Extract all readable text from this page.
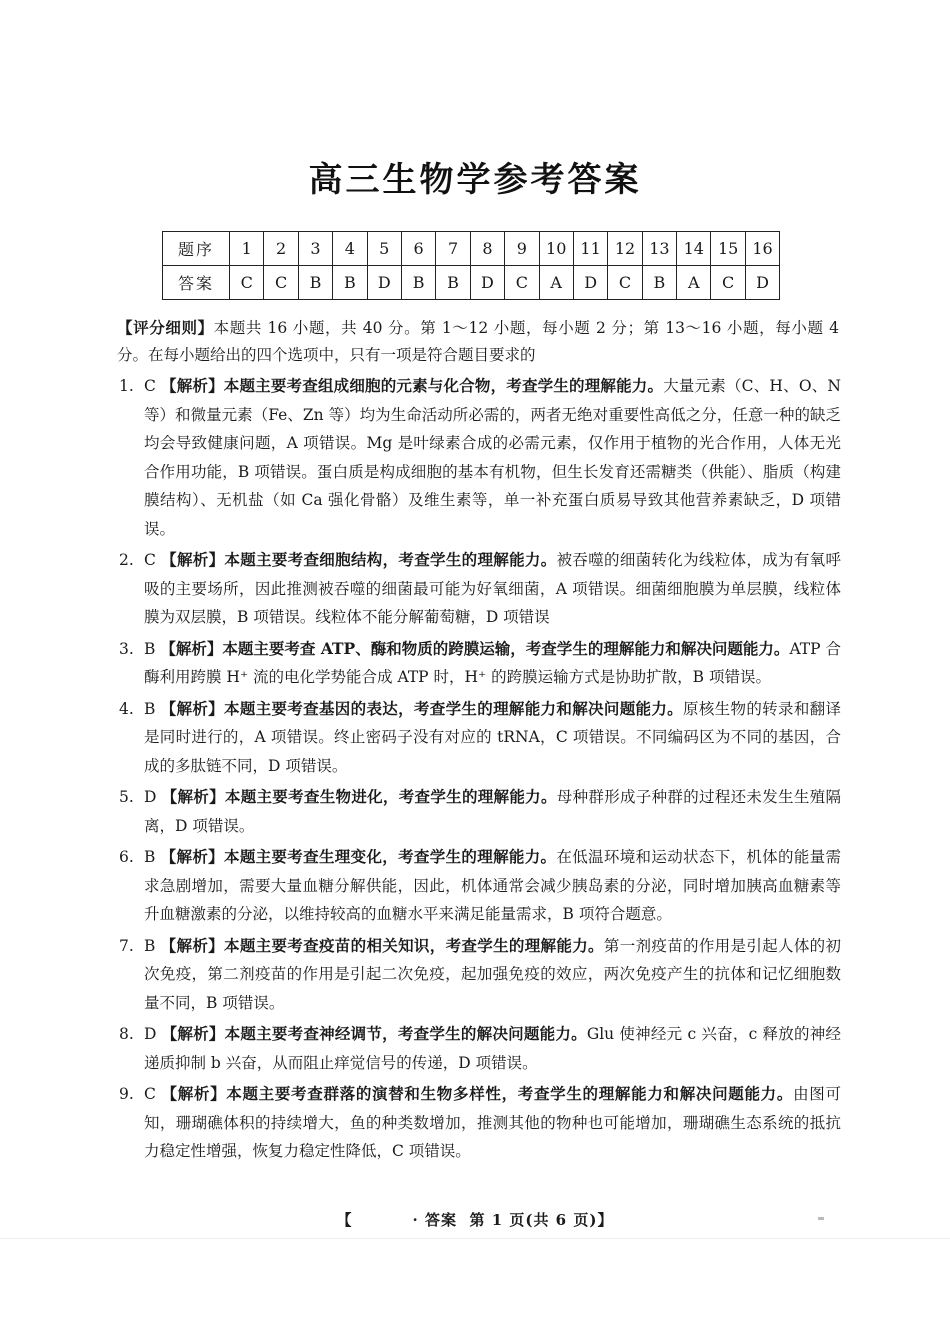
高三生物学参考答案
题序	1	2	3	4	5	6	7	8	9	10	11	12	13	14	15	16
答案	C	C	B	B	D	B	B	D	C	A	D	C	B	A	C	D
【评分细则】本题共 16 小题，共 40 分。第 1～12 小题，每小题 2 分；第 13～16 小题，每小题 4 分。在每小题给出的四个选项中，只有一项是符合题目要求的
1. C 【解析】本题主要考查组成细胞的元素与化合物，考查学生的理解能力。大量元素（C、H、O、N 等）和微量元素（Fe、Zn 等）均为生命活动所必需的，两者无绝对重要性高低之分，任意一种的缺乏均会导致健康问题，A 项错误。Mg 是叶绿素合成的必需元素，仅作用于植物的光合作用，人体无光合作用功能，B 项错误。蛋白质是构成细胞的基本有机物，但生长发育还需糖类（供能）、脂质（构建膜结构）、无机盐（如 Ca 强化骨骼）及维生素等，单一补充蛋白质易导致其他营养素缺乏，D 项错误。
2. C 【解析】本题主要考查细胞结构，考查学生的理解能力。被吞噬的细菌转化为线粒体，成为有氧呼吸的主要场所，因此推测被吞噬的细菌最可能为好氧细菌，A 项错误。细菌细胞膜为单层膜，线粒体膜为双层膜，B 项错误。线粒体不能分解葡萄糖，D 项错误
3. B 【解析】本题主要考查 ATP、酶和物质的跨膜运输，考查学生的理解能力和解决问题能力。ATP 合酶利用跨膜 H⁺ 流的电化学势能合成 ATP 时，H⁺ 的跨膜运输方式是协助扩散，B 项错误。
4. B 【解析】本题主要考查基因的表达，考查学生的理解能力和解决问题能力。原核生物的转录和翻译是同时进行的，A 项错误。终止密码子没有对应的 tRNA，C 项错误。不同编码区为不同的基因，合成的多肽链不同，D 项错误。
5. D 【解析】本题主要考查生物进化，考查学生的理解能力。母种群形成子种群的过程还未发生生殖隔离，D 项错误。
6. B 【解析】本题主要考查生理变化，考查学生的理解能力。在低温环境和运动状态下，机体的能量需求急剧增加，需要大量血糖分解供能，因此，机体通常会减少胰岛素的分泌，同时增加胰高血糖素等升血糖激素的分泌，以维持较高的血糖水平来满足能量需求，B 项符合题意。
7. B 【解析】本题主要考查疫苗的相关知识，考查学生的理解能力。第一剂疫苗的作用是引起人体的初次免疫，第二剂疫苗的作用是引起二次免疫，起加强免疫的效应，两次免疫产生的抗体和记忆细胞数量不同，B 项错误。
8. D 【解析】本题主要考查神经调节，考查学生的解决问题能力。Glu 使神经元 c 兴奋，c 释放的神经递质抑制 b 兴奋，从而阻止痒觉信号的传递，D 项错误。
9. C 【解析】本题主要考查群落的演替和生物多样性，考查学生的理解能力和解决问题能力。由图可知，珊瑚礁体积的持续增大，鱼的种类数增加，推测其他的物种也可能增加，珊瑚礁生态系统的抵抗力稳定性增强，恢复力稳定性降低，C 项错误。
【	· 答案 第 1 页(共 6 页)】
